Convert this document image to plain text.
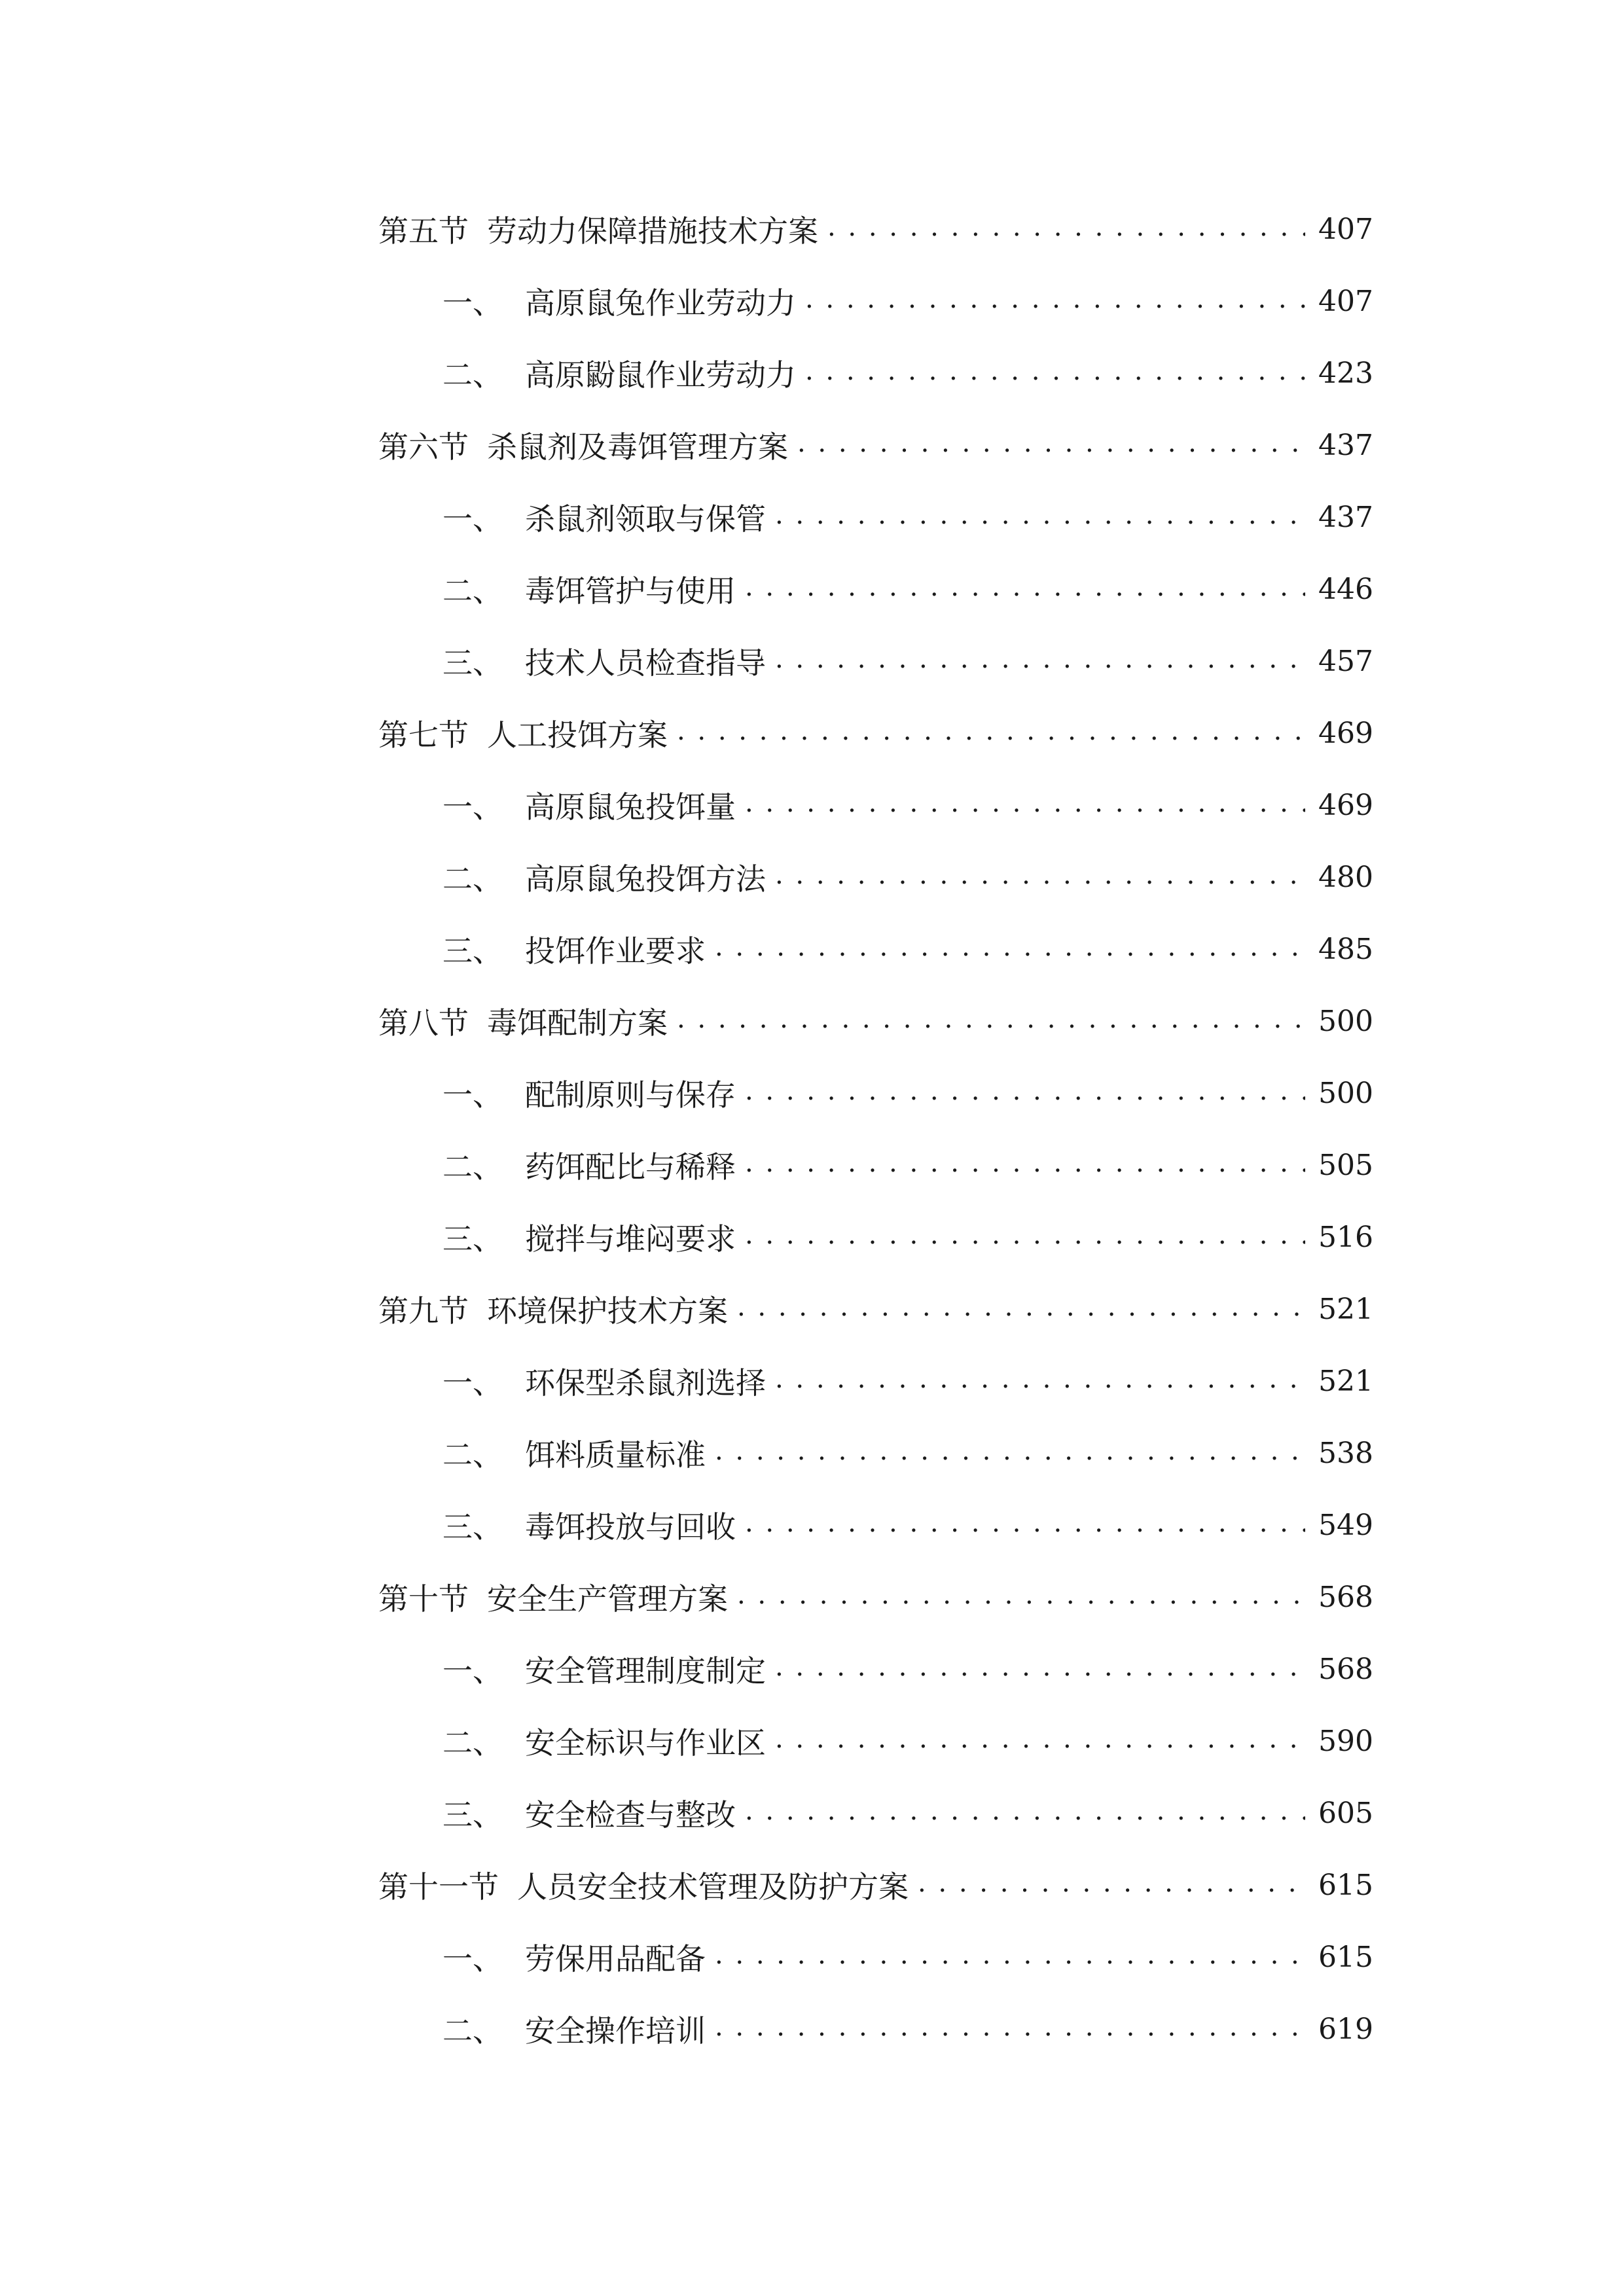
第五节 劳动力保障措施技术方案 . . .	407
一、 高原鼠兔作业劳动力 . . .	407
二、 高原鼢鼠作业劳动力 . . .	423
第六节 杀鼠剂及毒饵管理方案 . . .	437
一、 杀鼠剂领取与保管 . . .	437
二、 毒饵管护与使用 . . .	446
三、 技术人员检查指导 . . .	457
第七节 人工投饵方案 . . .	469
一、 高原鼠兔投饵量 . . .	469
二、 高原鼠兔投饵方法 . . .	480
三、 投饵作业要求 . . .	485
第八节 毒饵配制方案 . . .	500
一、 配制原则与保存 . . .	500
二、 药饵配比与稀释 . . .	505
三、 搅拌与堆闷要求 . . .	516
第九节 环境保护技术方案 . . .	521
一、 环保型杀鼠剂选择 . . .	521
二、 饵料质量标准 . . .	538
三、 毒饵投放与回收 . . .	549
第十节 安全生产管理方案 . . .	568
一、 安全管理制度制定 . . .	568
二、 安全标识与作业区 . . .	590
三、 安全检查与整改 . . .	605
第十一节 人员安全技术管理及防护方案 . . .	615
一、 劳保用品配备 . . .	615
二、 安全操作培训 . . .	619
